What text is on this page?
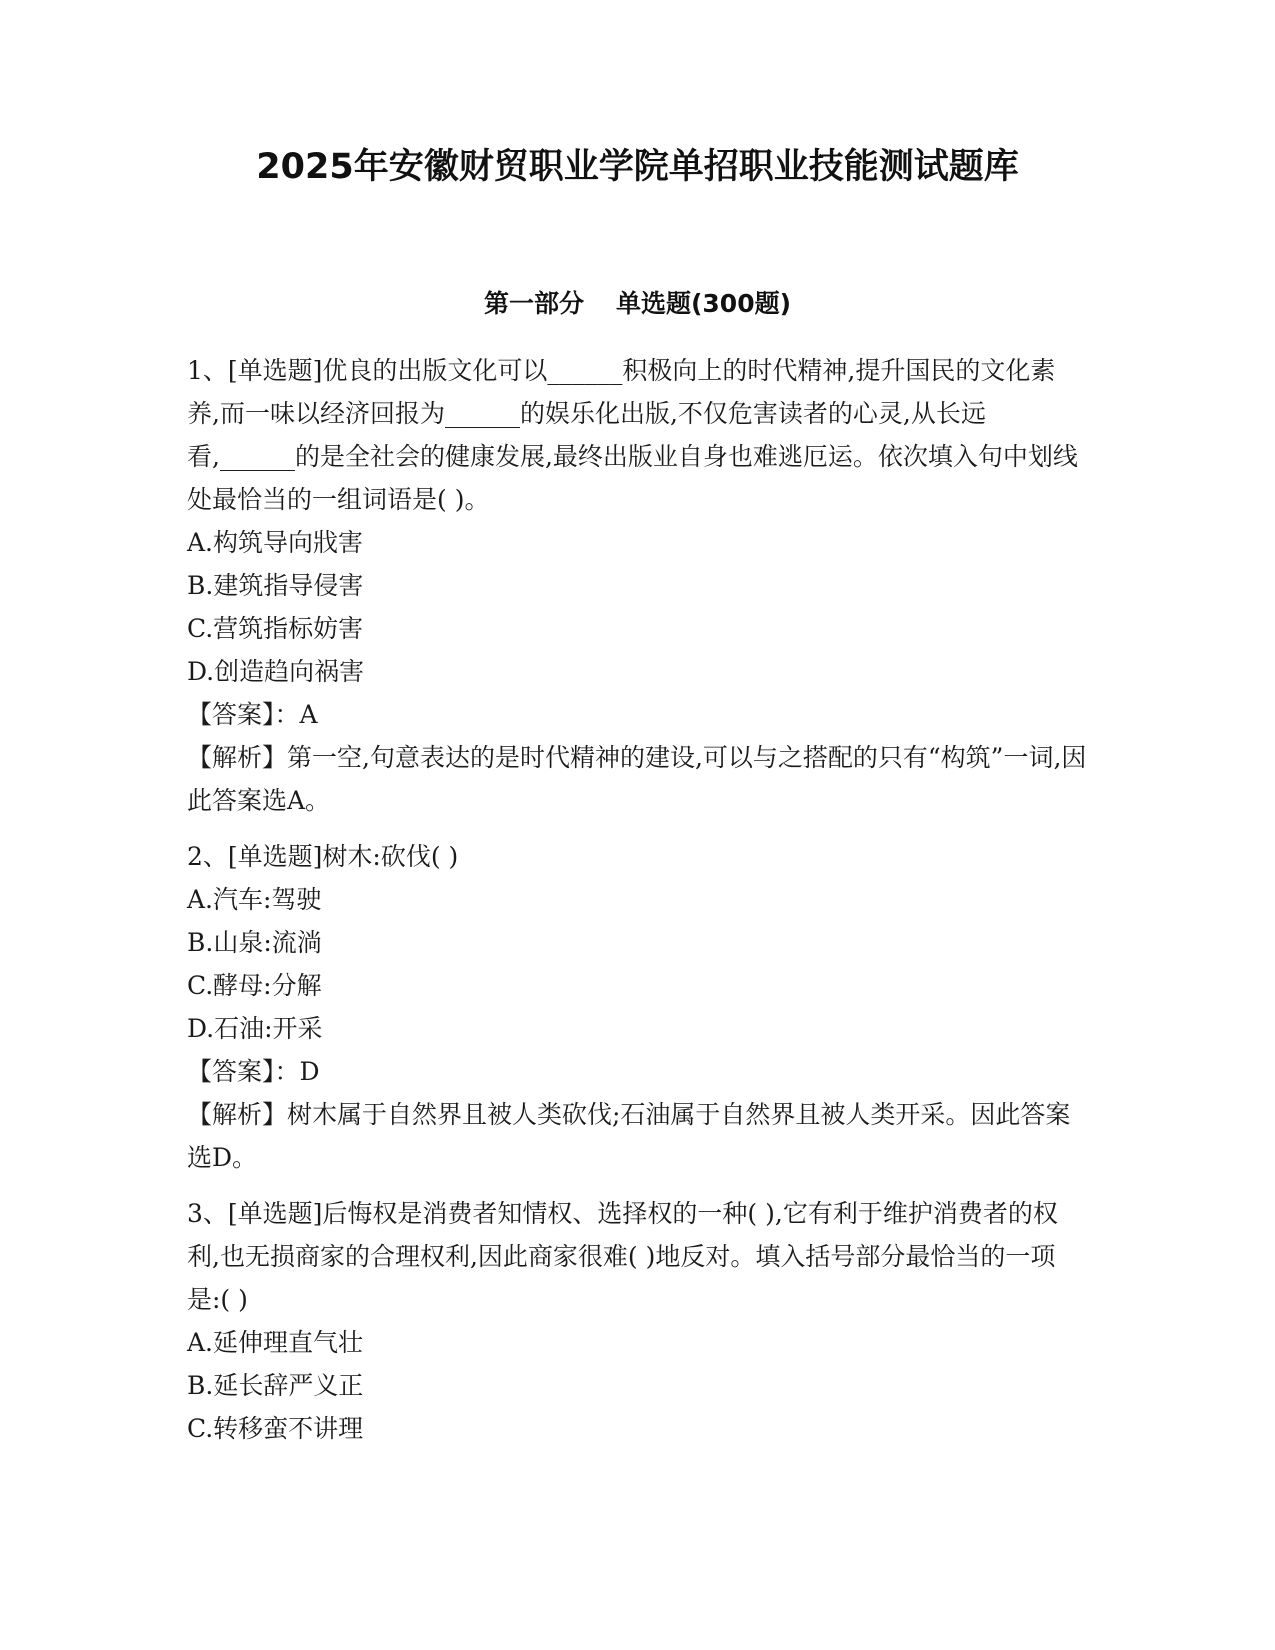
2025年安徽财贸职业学院单招职业技能测试题库
第一部分 单选题(300题)

1、[单选题]优良的出版文化可以______积极向上的时代精神,提升国民的文化素养,而一味以经济回报为______的娱乐化出版,不仅危害读者的心灵,从长远看,______的是全社会的健康发展,最终出版业自身也难逃厄运。依次填入句中划线处最恰当的一组词语是( )。

A.构筑导向戕害

B.建筑指导侵害

C.营筑指标妨害

D.创造趋向祸害

【答案】：A

【解析】第一空,句意表达的是时代精神的建设,可以与之搭配的只有“构筑”一词,因此答案选A。

2、[单选题]树木:砍伐( )

A.汽车:驾驶

B.山泉:流淌

C.酵母:分解

D.石油:开采

【答案】：D

【解析】树木属于自然界且被人类砍伐;石油属于自然界且被人类开采。因此答案选D。

3、[单选题]后悔权是消费者知情权、选择权的一种( ),它有利于维护消费者的权利,也无损商家的合理权利,因此商家很难( )地反对。填入括号部分最恰当的一项是:( )

A.延伸理直气壮

B.延长辞严义正

C.转移蛮不讲理
